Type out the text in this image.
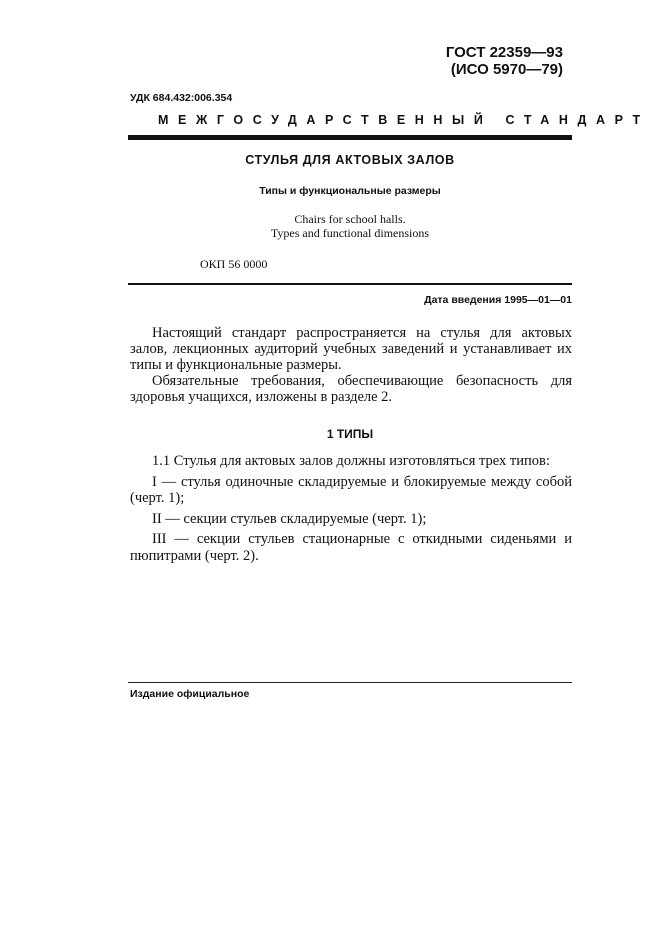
ГОСТ 22359—93
(ИСО 5970—79)
УДК 684.432:006.354
МЕЖГОСУДАРСТВЕННЫЙ СТАНДАРТ
СТУЛЬЯ ДЛЯ АКТОВЫХ ЗАЛОВ
Типы и функциональные размеры
Chairs for school halls.
Types and functional dimensions
ОКП 56 0000
Дата введения 1995—01—01
Настоящий стандарт распространяется на стулья для актовых залов, лекционных аудиторий учебных заведений и устанавливает их типы и функциональные размеры.
Обязательные требования, обеспечивающие безопасность для здоровья учащихся, изложены в разделе 2.
1 ТИПЫ

1.1 Стулья для актовых залов должны изготовляться трех типов:

I — стулья одиночные складируемые и блокируемые между собой (черт. 1);

II — секции стульев складируемые (черт. 1);

III — секции стульев стационарные с откидными сиденьями и пюпитрами (черт. 2).

Издание официальное
